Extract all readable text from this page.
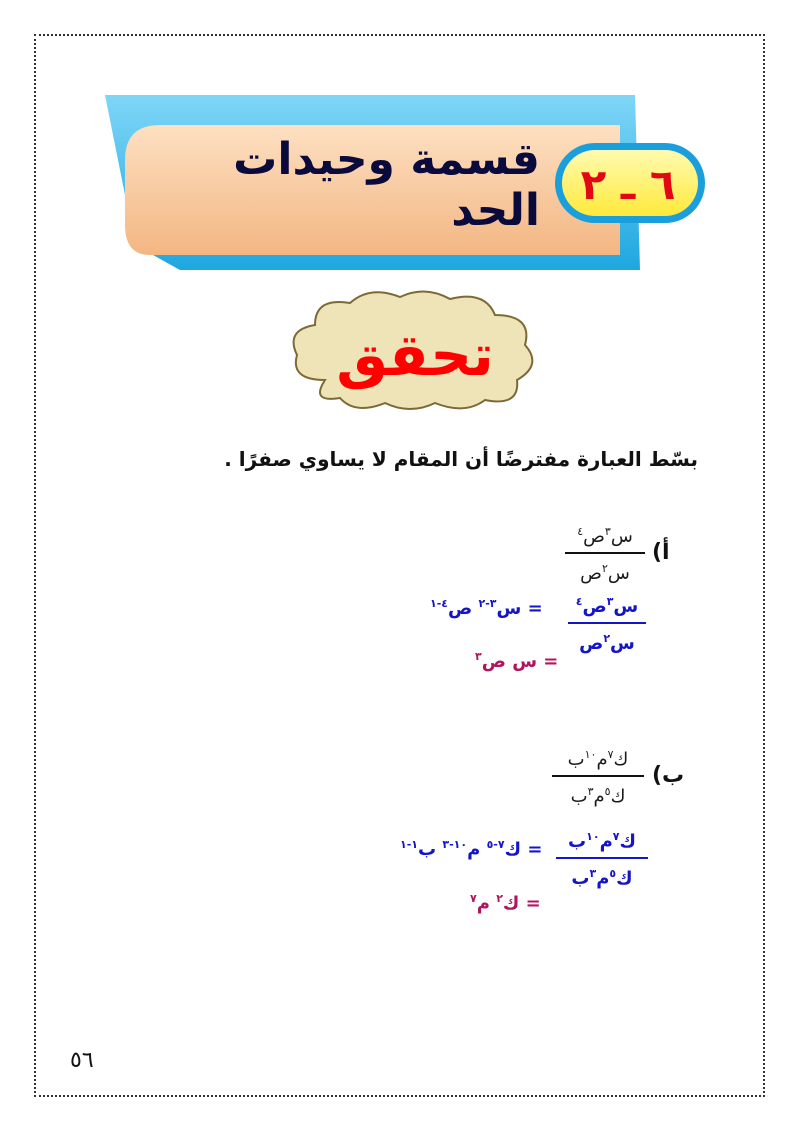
٦ ـ ٢
قسمة وحيدات الحد
تحقق
بسّط العبارة مفترضًا أن المقام لا يساوي صفرًا .
أ)
س$^٣$ص$^٤$
س$^٢$ص
س$^٣$ص$^٤$
س$^٢$ص
= س$^{٣-٢}$ ص$^{٤-١}$
= س ص$^٣$
ب)
ك$^٧$م$^{١٠}$ب
ك$^٥$م$^٣$ب
ك$^٧$م$^{١٠}$ب
ك$^٥$م$^٣$ب
= ك$^{٧-٥}$ م$^{١٠-٣}$ ب$^{١-١}$
= ك$^٢$ م$^٧$
٥٦
